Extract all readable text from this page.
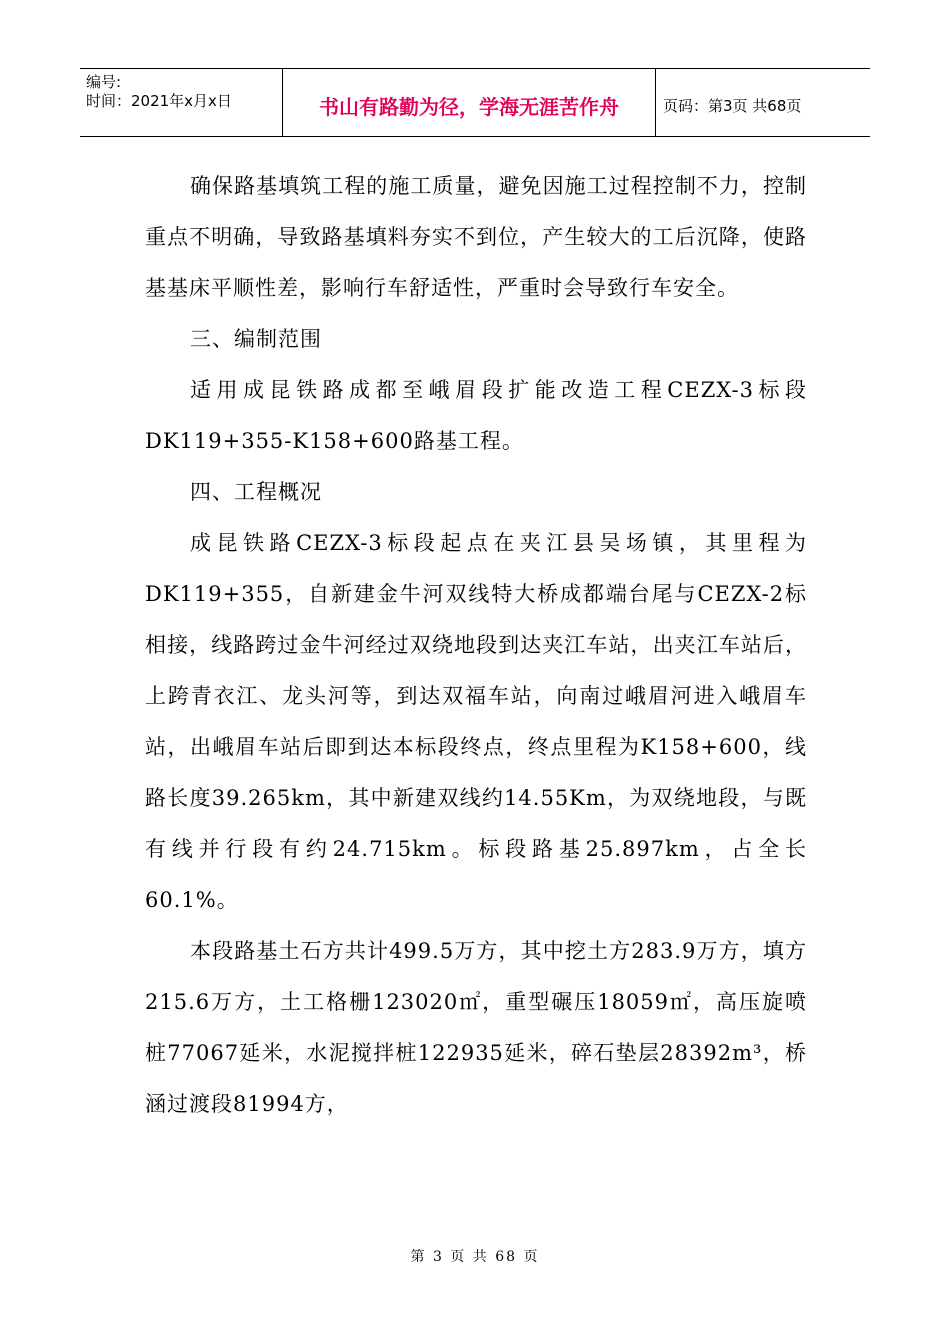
编号:
时间：2021年x月x日	书山有路勤为径，学海无涯苦作舟	页码：第3页 共68页

确保路基填筑工程的施工质量，避免因施工过程控制不力，控制重点不明确，导致路基填料夯实不到位，产生较大的工后沉降，使路基基床平顺性差，影响行车舒适性，严重时会导致行车安全。

三、编制范围

适用成昆铁路成都至峨眉段扩能改造工程CEZX-3标段DK119+355-K158+600路基工程。

四、工程概况

成昆铁路CEZX-3标段起点在夹江县吴场镇，其里程为DK119+355，自新建金牛河双线特大桥成都端台尾与CEZX-2标相接，线路跨过金牛河经过双绕地段到达夹江车站，出夹江车站后，上跨青衣江、龙头河等，到达双福车站，向南过峨眉河进入峨眉车站，出峨眉车站后即到达本标段终点，终点里程为K158+600，线路长度39.265km，其中新建双线约14.55Km，为双绕地段，与既有线并行段有约24.715km。标段路基25.897km，占全长60.1%。

本段路基土石方共计499.5万方，其中挖土方283.9万方，填方215.6万方，土工格栅123020㎡，重型碾压18059㎡，高压旋喷桩77067延米，水泥搅拌桩122935延米，碎石垫层28392m³，桥涵过渡段81994方，

第 3 页 共 68 页
